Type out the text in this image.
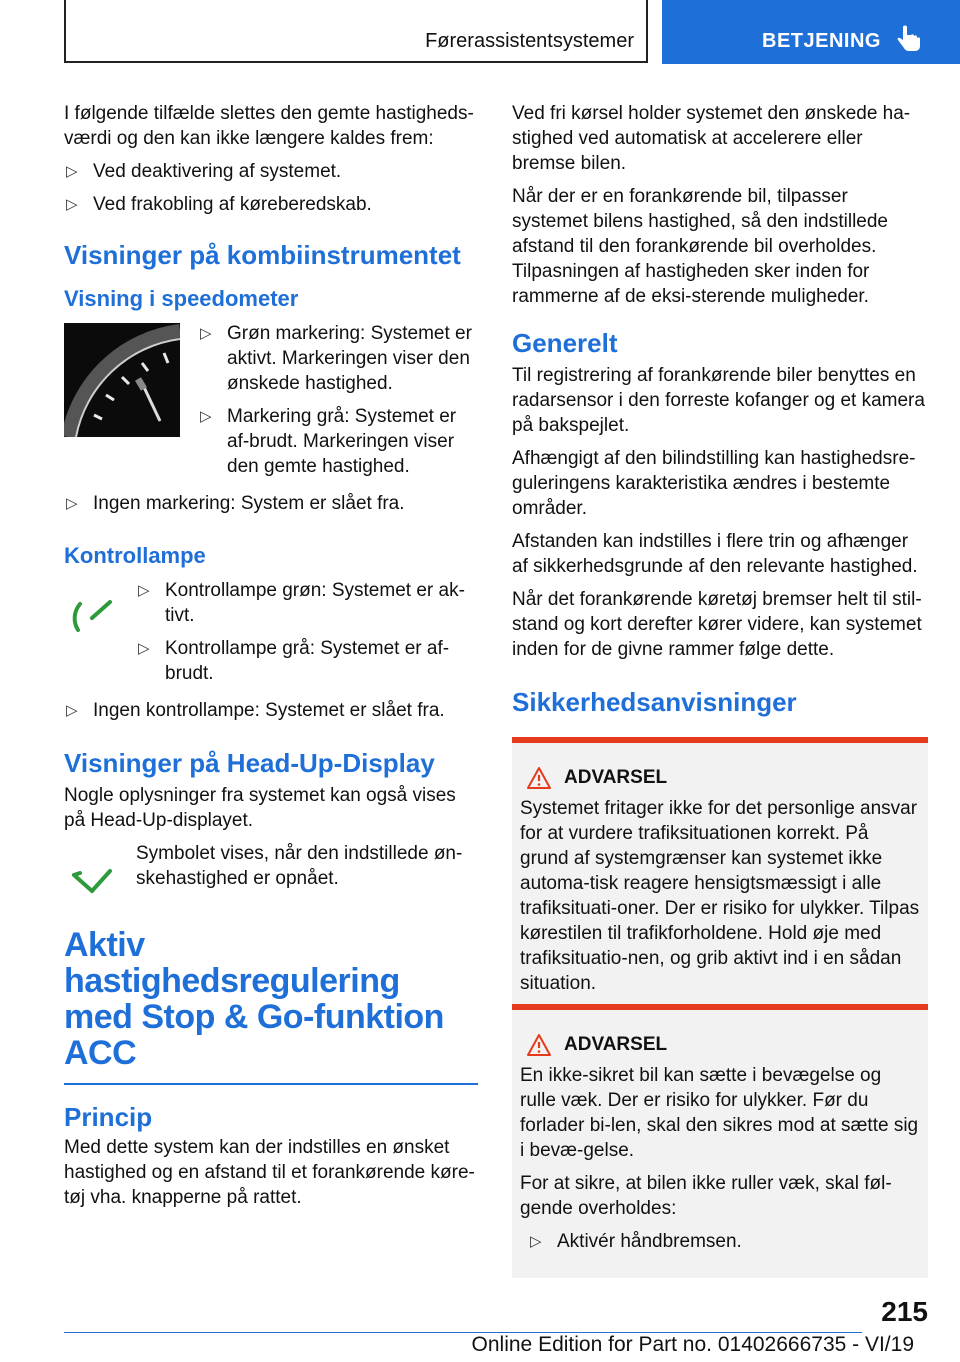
Førerassistentsystemer	BETJENING

I følgende tilfælde slettes den gemte hastigheds-værdi og den kan ikke længere kaldes frem:

▷ Ved deaktivering af systemet.
▷ Ved frakobling af køreberedskab.
Visninger på kombiinstrumentet
Visning i speedometer
▷ Grøn markering: Systemet er aktivt. Markeringen viser den ønskede hastighed.
▷ Markering grå: Systemet er af-brudt. Markeringen viser den gemte hastighed.
▷ Ingen markering: System er slået fra.
Kontrollampe
▷ Kontrollampe grøn: Systemet er ak-tivt.
▷ Kontrollampe grå: Systemet er af-brudt.
▷ Ingen kontrollampe: Systemet er slået fra.
Visninger på Head-Up-Display

Nogle oplysninger fra systemet kan også vises på Head-Up-displayet.

Symbolet vises, når den indstillede øn-skehastighed er opnået.

Aktiv hastighedsregulering
med Stop & Go-funktion
ACC
Princip

Med dette system kan der indstilles en ønsket hastighed og en afstand til et forankørende køre-tøj vha. knapperne på rattet.

Ved fri kørsel holder systemet den ønskede ha-stighed ved automatisk at accelerere eller bremse bilen.

Når der er en forankørende bil, tilpasser systemet bilens hastighed, så den indstillede afstand til den forankørende bil overholdes. Tilpasningen af hastigheden sker inden for rammerne af de eksi-sterende muligheder.

Generelt

Til registrering af forankørende biler benyttes en radarsensor i den forreste kofanger og et kamera på bakspejlet.

Afhængigt af den bilindstilling kan hastighedsre-guleringens karakteristika ændres i bestemte områder.

Afstanden kan indstilles i flere trin og afhænger af sikkerhedsgrunde af den relevante hastighed.

Når det forankørende køretøj bremser helt til stil-stand og kort derefter kører videre, kan systemet inden for de givne rammer følge dette.

Sikkerhedsanvisninger
ADVARSEL

Systemet fritager ikke for det personlige ansvar for at vurdere trafiksituationen korrekt. På grund af systemgrænser kan systemet ikke automa-tisk reagere hensigtsmæssigt i alle trafiksituati-oner. Der er risiko for ulykker. Tilpas kørestilen til trafikforholdene. Hold øje med trafiksituatio-nen, og grib aktivt ind i en sådan situation.

ADVARSEL

En ikke-sikret bil kan sætte i bevægelse og rulle væk. Der er risiko for ulykker. Før du forlader bi-len, skal den sikres mod at sætte sig i bevæ-gelse.

For at sikre, at bilen ikke ruller væk, skal føl-gende overholdes:

▷ Aktivér håndbremsen.
215
Online Edition for Part no. 01402666735 - VI/19
